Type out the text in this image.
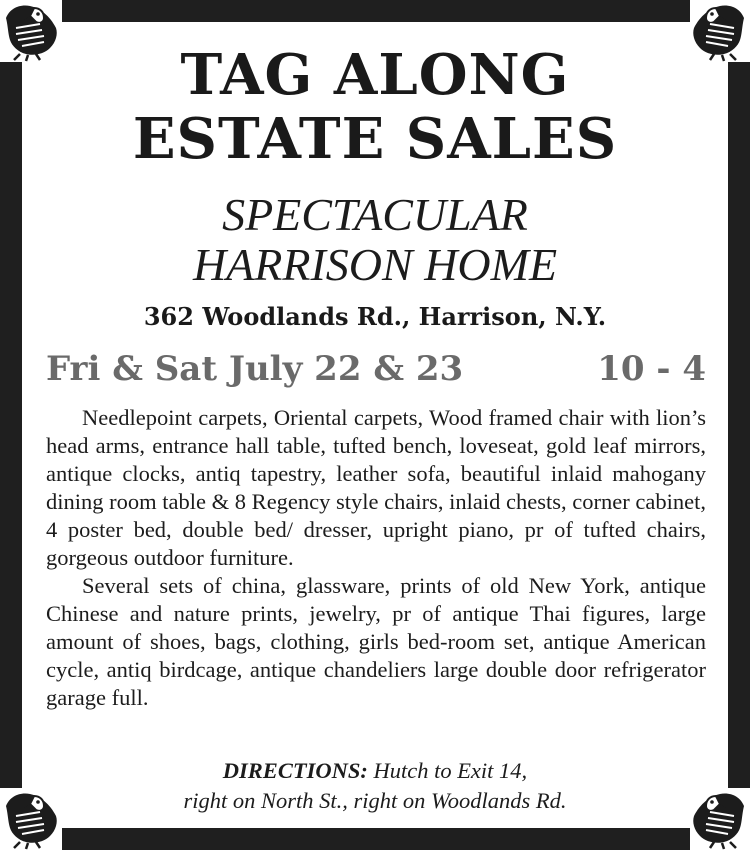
TAG ALONG
ESTATE SALES
SPECTACULAR
HARRISON HOME
362 Woodlands Rd., Harrison, N.Y.
Fri & Sat July 22 & 23	10 - 4

Needlepoint carpets, Oriental carpets, Wood framed chair with lion’s head arms, entrance hall table, tufted bench, loveseat, gold leaf mirrors, antique clocks, antiq tapestry, leather sofa, beautiful inlaid mahogany dining room table & 8 Regency style chairs, inlaid chests, corner cabinet, 4 poster bed, double bed/ dresser, upright piano, pr of tufted chairs, gorgeous outdoor furniture.

Several sets of china, glassware, prints of old New York, antique Chinese and nature prints, jewelry, pr of antique Thai figures, large amount of shoes, bags, clothing, girls bed-room set, antique American cycle, antiq birdcage, antique chandeliers large double door refrigerator garage full.

DIRECTIONS: Hutch to Exit 14,
right on North St., right on Woodlands Rd.
